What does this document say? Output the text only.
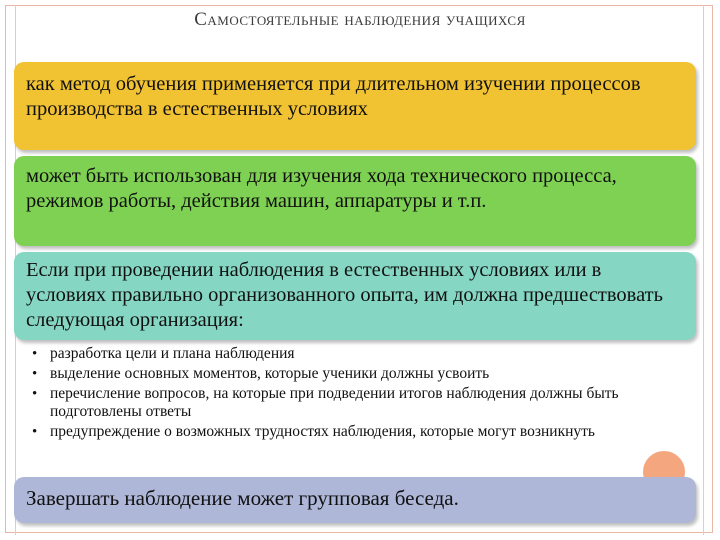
Самостоятельные наблюдения учащихся
как метод обучения применяется при длительном изучении процессов производства в естественных условиях
может быть использован для изучения хода технического процесса, режимов работы, действия машин, аппаратуры и т.п.
Если при проведении наблюдения в естественных условиях или в условиях правильно организованного опыта, им должна предшествовать следующая организация:
• разработка цели и плана наблюдения
• выделение основных моментов, которые ученики должны усвоить
• перечисление вопросов, на которые при подведении итогов наблюдения должны быть подготовлены ответы
• предупреждение о возможных трудностях наблюдения, которые могут возникнуть
Завершать наблюдение может групповая беседа.
